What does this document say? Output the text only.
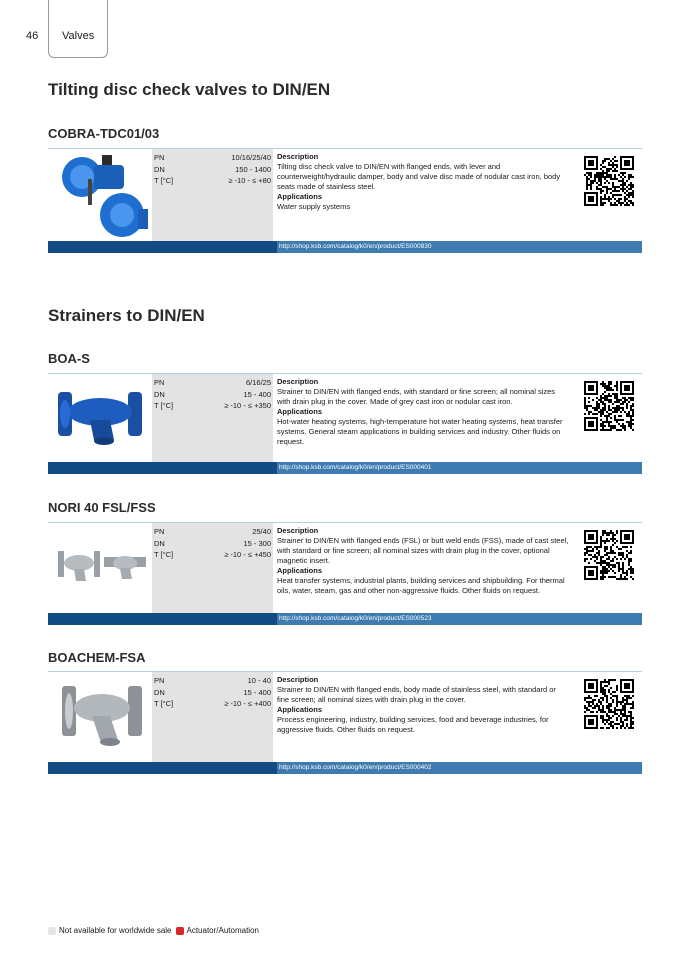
46	Valves
Tilting disc check valves to DIN/EN
COBRA-TDC01/03
PN	10/16/25/40
DN	150 - 1400
T [°C]	≥ -10 - ≤ +80
Description
Tilting disc check valve to DIN/EN with flanged ends, with lever and counterweight/hydraulic damper, body and valve disc made of nodular cast iron, body seats made of stainless steel.
Applications
Water supply systems
http://shop.ksb.com/catalog/k0/en/product/ES000830
Strainers to DIN/EN
BOA-S
PN	6/16/25
DN	15 - 400
T [°C]	≥ -10 - ≤ +350
Description
Strainer to DIN/EN with flanged ends, with standard or fine screen; all nominal sizes with drain plug in the cover. Made of grey cast iron or nodular cast iron.
Applications
Hot-water heating systems, high-temperature hot water heating systems, heat transfer systems. General steam applications in building services and industry. Other fluids on request.
http://shop.ksb.com/catalog/k0/en/product/ES000401
NORI 40 FSL/FSS
PN	25/40
DN	15 - 300
T [°C]	≥ -10 - ≤ +450
Description
Strainer to DIN/EN with flanged ends (FSL) or butt weld ends (FSS), made of cast steel, with standard or fine screen; all nominal sizes with drain plug in the cover, optional magnetic insert.
Applications
Heat transfer systems, industrial plants, building services and shipbuilding. For thermal oils, water, steam, gas and other non-aggressive fluids. Other fluids on request.
http://shop.ksb.com/catalog/k0/en/product/ES000523
BOACHEM-FSA
PN	10 - 40
DN	15 - 400
T [°C]	≥ -10 - ≤ +400
Description
Strainer to DIN/EN with flanged ends, body made of stainless steel, with standard or fine screen; all nominal sizes with drain plug in the cover.
Applications
Process engineering, industry, building services, food and beverage industries, for aggressive fluids. Other fluids on request.
http://shop.ksb.com/catalog/k0/en/product/ES000402
Not available for worldwide sale Actuator/Automation
